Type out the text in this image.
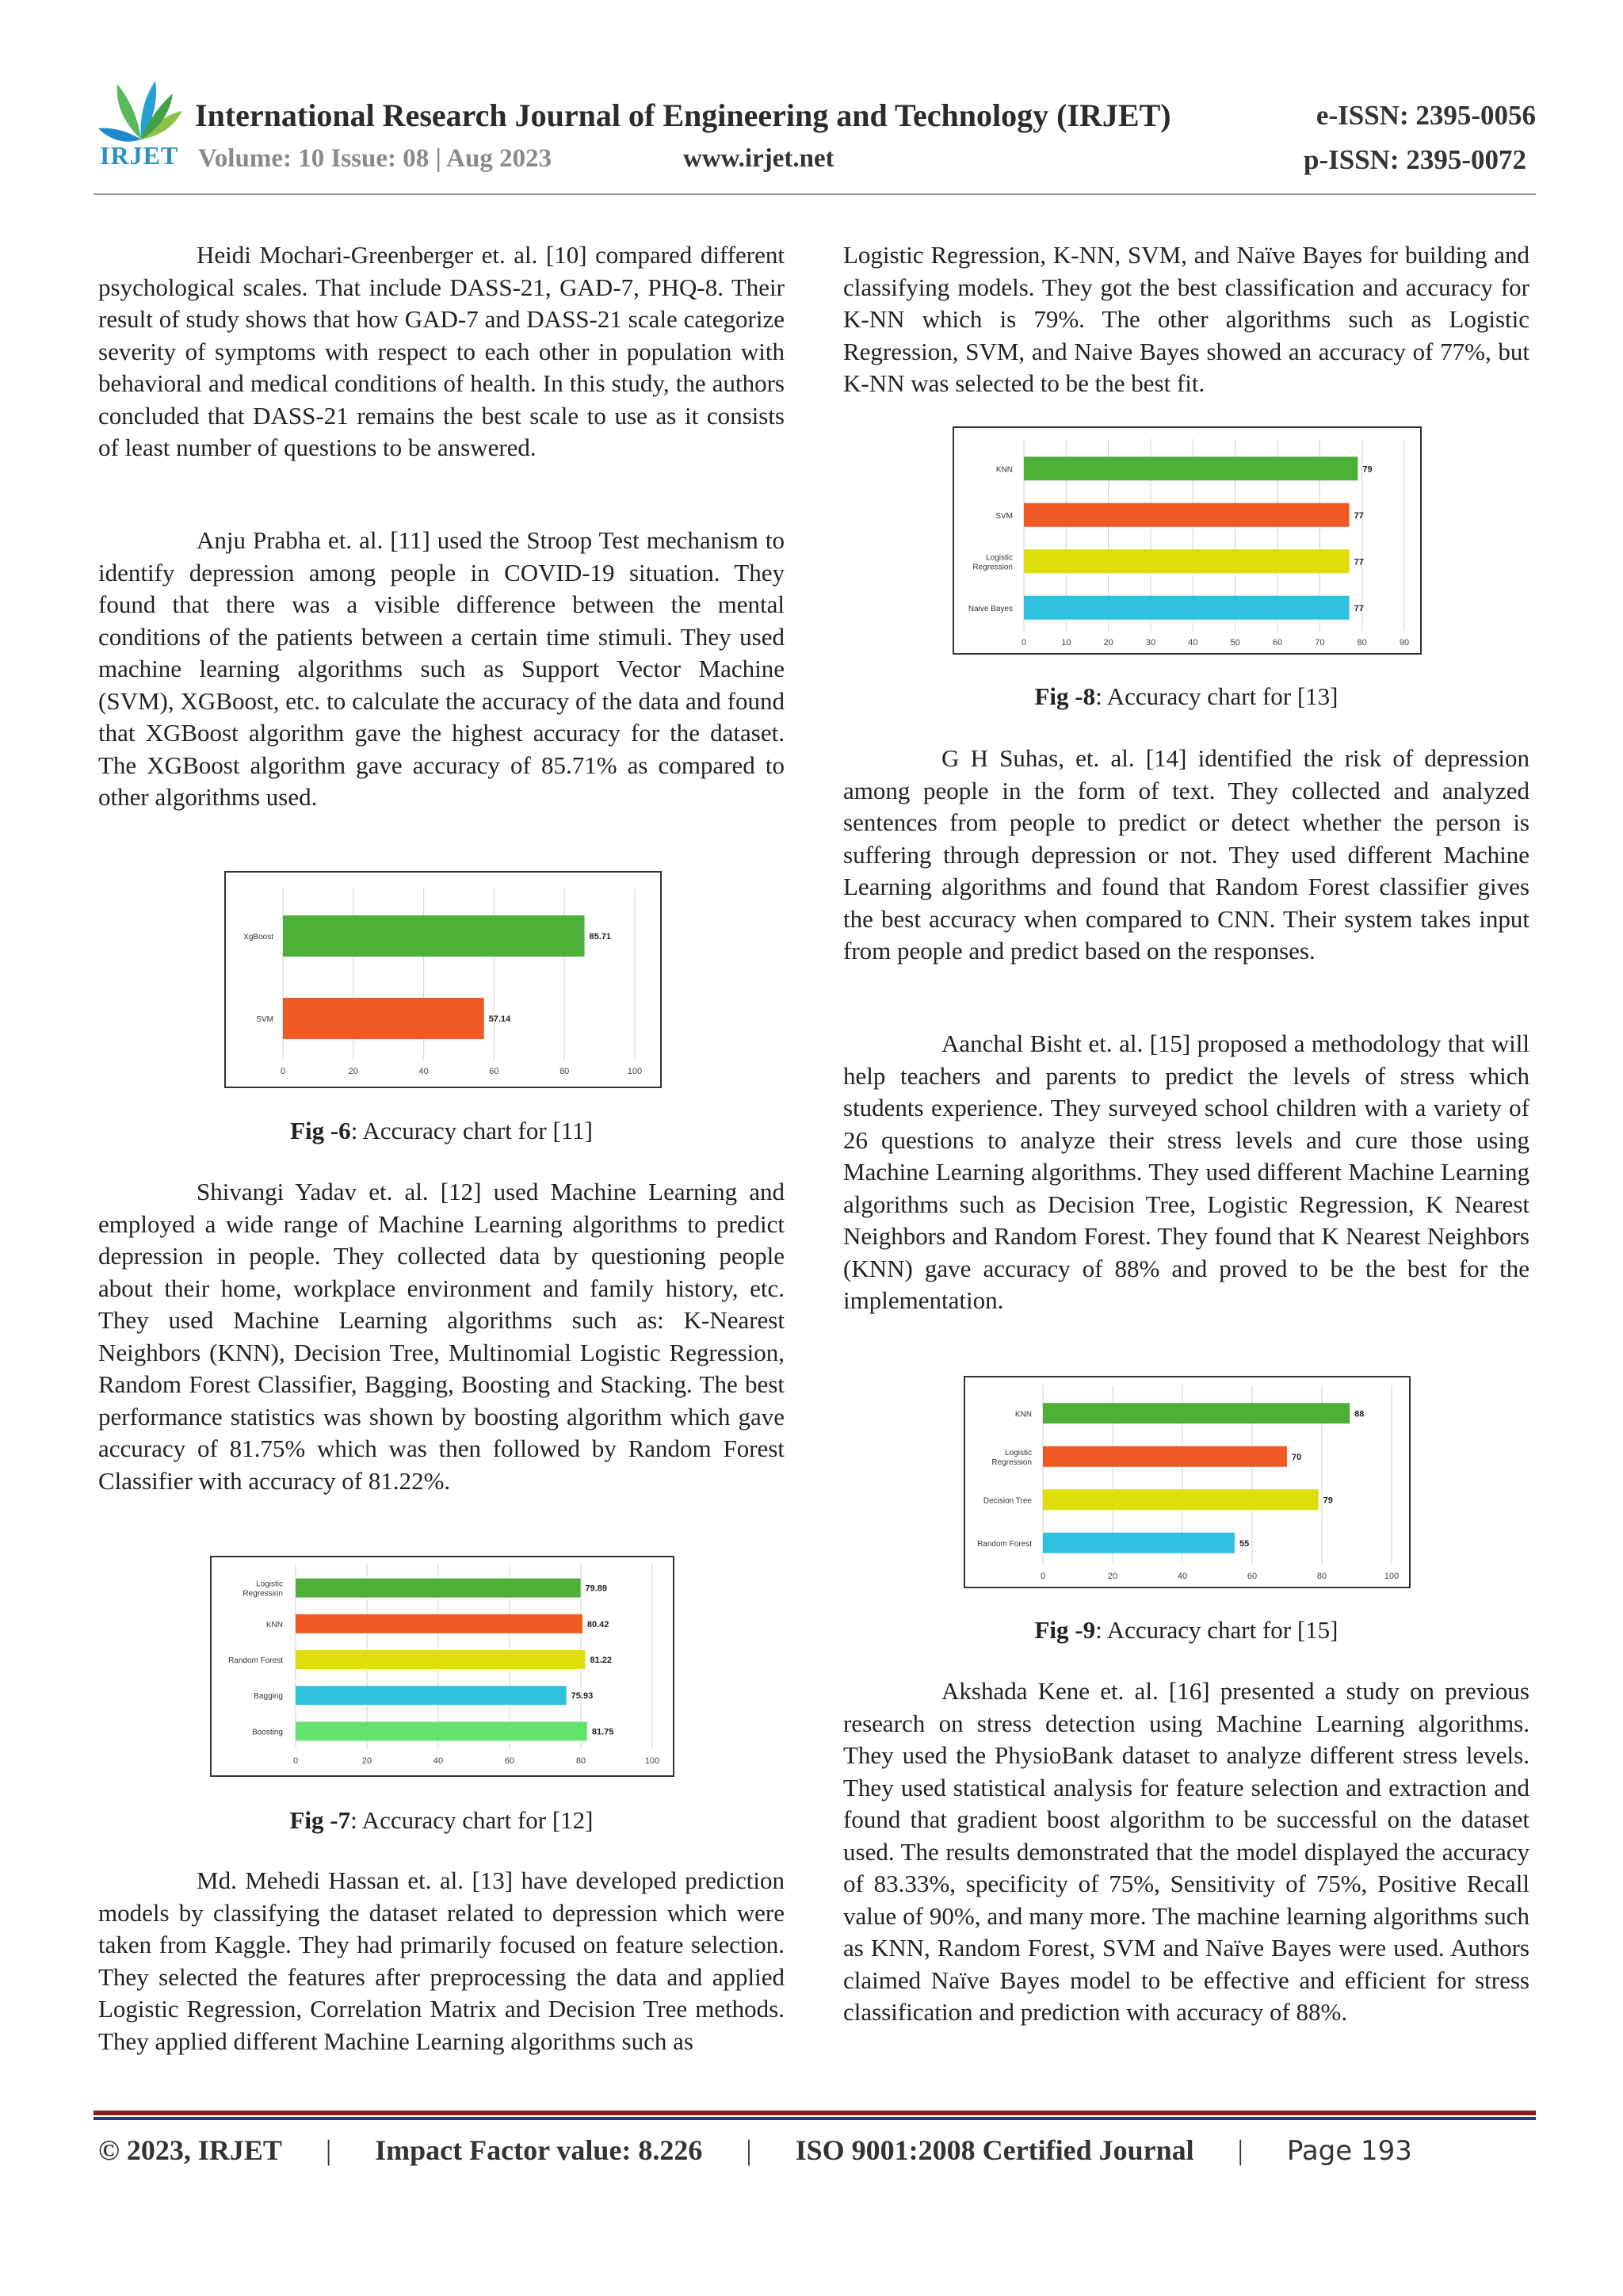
IRJET
International Research Journal of Engineering and Technology (IRJET)
Volume: 10 Issue: 08 | Aug 2023	www.irjet.net
e-ISSN: 2395-0056
p-ISSN: 2395-0072

Heidi Mochari-Greenberger et. al. [10] compared different psychological scales. That include DASS-21, GAD-7, PHQ-8. Their result of study shows that how GAD-7 and DASS-21 scale categorize severity of symptoms with respect to each other in population with behavioral and medical conditions of health. In this study, the authors concluded that DASS-21 remains the best scale to use as it consists of least number of questions to be answered.

Anju Prabha et. al. [11] used the Stroop Test mechanism to identify depression among people in COVID-19 situation. They found that there was a visible difference between the mental conditions of the patients between a certain time stimuli. They used machine learning algorithms such as Support Vector Machine (SVM), XGBoost, etc. to calculate the accuracy of the data and found that XGBoost algorithm gave the highest accuracy for the dataset. The XGBoost algorithm gave accuracy of 85.71% as compared to other algorithms used.

0	20	40	60	80	100
85.71
XgBoost
57.14
SVM
Fig -6: Accuracy chart for [11]

Shivangi Yadav et. al. [12] used Machine Learning and employed a wide range of Machine Learning algorithms to predict depression in people. They collected data by questioning people about their home, workplace environment and family history, etc. They used Machine Learning algorithms such as: K-Nearest Neighbors (KNN), Decision Tree, Multinomial Logistic Regression, Random Forest Classifier, Bagging, Boosting and Stacking. The best performance statistics was shown by boosting algorithm which gave accuracy of 81.75% which was then followed by Random Forest Classifier with accuracy of 81.22%.

0	20	40	60	80	100
79.89
Logistic
Regression
80.42
KNN
81.22
Random Forest
75.93
Bagging
81.75
Boosting
Fig -7: Accuracy chart for [12]

Md. Mehedi Hassan et. al. [13] have developed prediction models by classifying the dataset related to depression which were taken from Kaggle. They had primarily focused on feature selection. They selected the features after preprocessing the data and applied Logistic Regression, Correlation Matrix and Decision Tree methods. They applied different Machine Learning algorithms such as

Logistic Regression, K-NN, SVM, and Naïve Bayes for building and classifying models. They got the best classification and accuracy for K-NN which is 79%. The other algorithms such as Logistic Regression, SVM, and Naive Bayes showed an accuracy of 77%, but K-NN was selected to be the best fit.

0	10	20	30	40	50	60	70	80	90
79
KNN
77
SVM
77
Logistic
Regression
77
Naive Bayes
Fig -8: Accuracy chart for [13]

G H Suhas, et. al. [14] identified the risk of depression among people in the form of text. They collected and analyzed sentences from people to predict or detect whether the person is suffering through depression or not. They used different Machine Learning algorithms and found that Random Forest classifier gives the best accuracy when compared to CNN. Their system takes input from people and predict based on the responses.

Aanchal Bisht et. al. [15] proposed a methodology that will help teachers and parents to predict the levels of stress which students experience. They surveyed school children with a variety of 26 questions to analyze their stress levels and cure those using Machine Learning algorithms. They used different Machine Learning algorithms such as Decision Tree, Logistic Regression, K Nearest Neighbors and Random Forest. They found that K Nearest Neighbors (KNN) gave accuracy of 88% and proved to be the best for the implementation.

0	20	40	60	80	100
88
KNN
70
Logistic
Regression
79
Decision Tree
55
Random Forest
Fig -9: Accuracy chart for [15]

Akshada Kene et. al. [16] presented a study on previous research on stress detection using Machine Learning algorithms. They used the PhysioBank dataset to analyze different stress levels. They used statistical analysis for feature selection and extraction and found that gradient boost algorithm to be successful on the dataset used. The results demonstrated that the model displayed the accuracy of 83.33%, specificity of 75%, Sensitivity of 75%, Positive Recall value of 90%, and many more. The machine learning algorithms such as KNN, Random Forest, SVM and Naïve Bayes were used. Authors claimed Naïve Bayes model to be effective and efficient for stress classification and prediction with accuracy of 88%.

© 2023, IRJET | Impact Factor value: 8.226 | ISO 9001:2008 Certified Journal | Page 193
